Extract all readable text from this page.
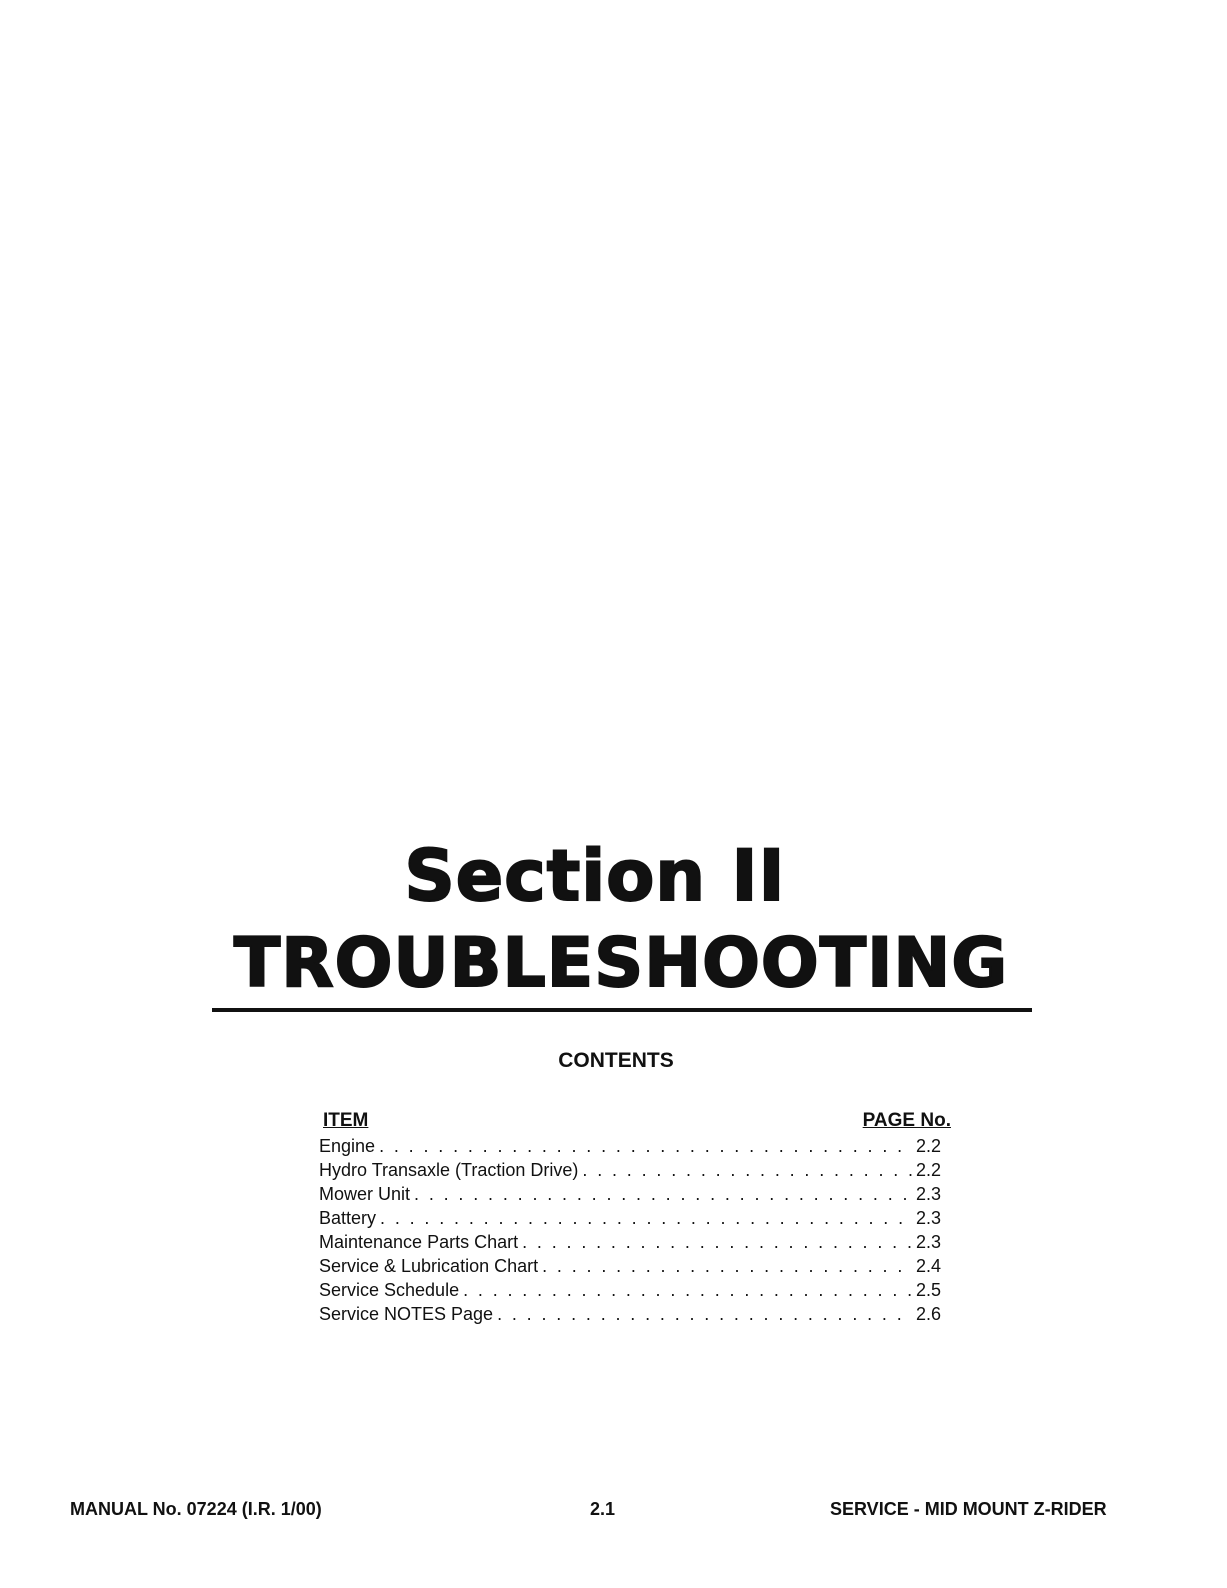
Section II
TROUBLESHOOTING
CONTENTS
ITEM	PAGE No.
Engine . . .	2.2
Hydro Transaxle (Traction Drive) . . .	2.2
Mower Unit . . .	2.3
Battery . . .	2.3
Maintenance Parts Chart . . .	2.3
Service & Lubrication Chart . . .	2.4
Service Schedule . . .	2.5
Service NOTES Page . . .	2.6
MANUAL No. 07224 (I.R. 1/00)	2.1	SERVICE - MID MOUNT Z-RIDER
